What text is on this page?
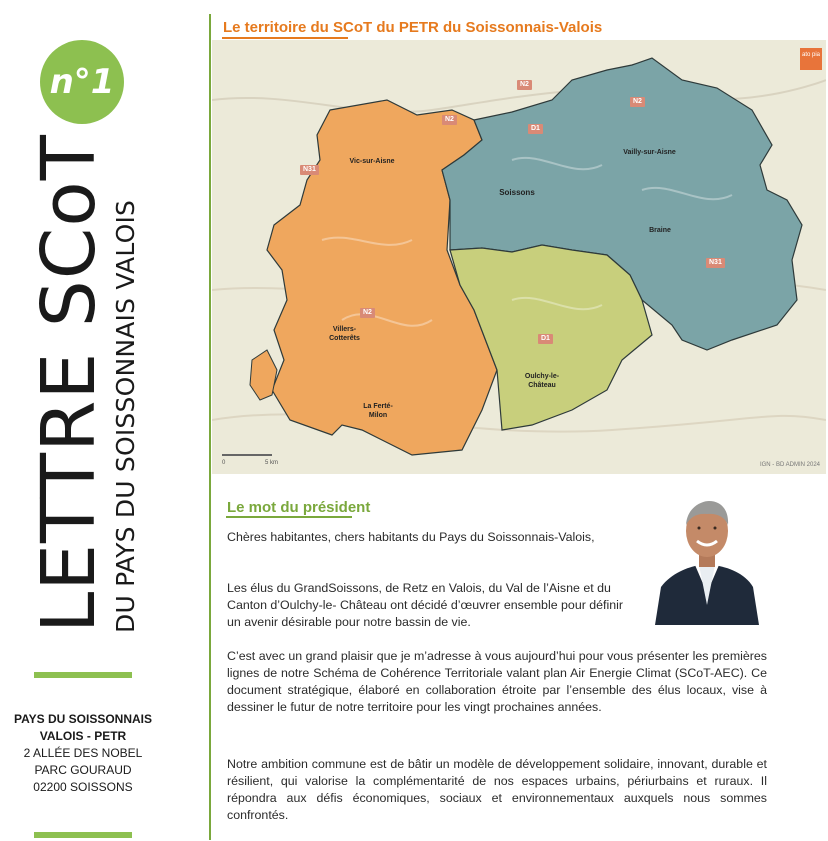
n°1
LETTRE SCoT DU PAYS DU SOISSONNAIS VALOIS
PAYS DU SOISSONNAIS
VALOIS - PETR
2 ALLÉE DES NOBEL
PARC GOURAUD
02200 SOISSONS
Le territoire du SCoT du PETR du Soissonnais-Valois
ato pia
N2
N31
N2
N31
N2
D1
D1
N2
Vic-sur-Aisne
Soissons
Vailly-sur-Aisne
Braine
Villers-Cotterêts
Oulchy-le-Château
La Ferté-Milon
0	5 km	IGN - BD ADMIN 2024
Le mot du président

Chères habitantes, chers habitants du Pays du Soissonnais-Valois,

Les élus du GrandSoissons, de Retz en Valois, du Val de l’Aisne et du Canton d’Oulchy-le- Château ont décidé d’œuvrer ensemble pour définir un avenir désirable pour notre bassin de vie.

C’est avec un grand plaisir que je m’adresse à vous aujourd’hui pour vous présenter les premières lignes de notre Schéma de Cohérence Territoriale valant plan Air Energie Climat (SCoT-AEC). Ce document stratégique, élaboré en collaboration étroite par l’ensemble des élus locaux, vise à dessiner le futur de notre territoire pour les vingt prochaines années.

Notre ambition commune est de bâtir un modèle de développement solidaire, innovant, durable et résilient, qui valorise la complémentarité de nos espaces urbains, périurbains et ruraux. Il répondra aux défis économiques, sociaux et environnementaux auxquels nous sommes confrontés.
